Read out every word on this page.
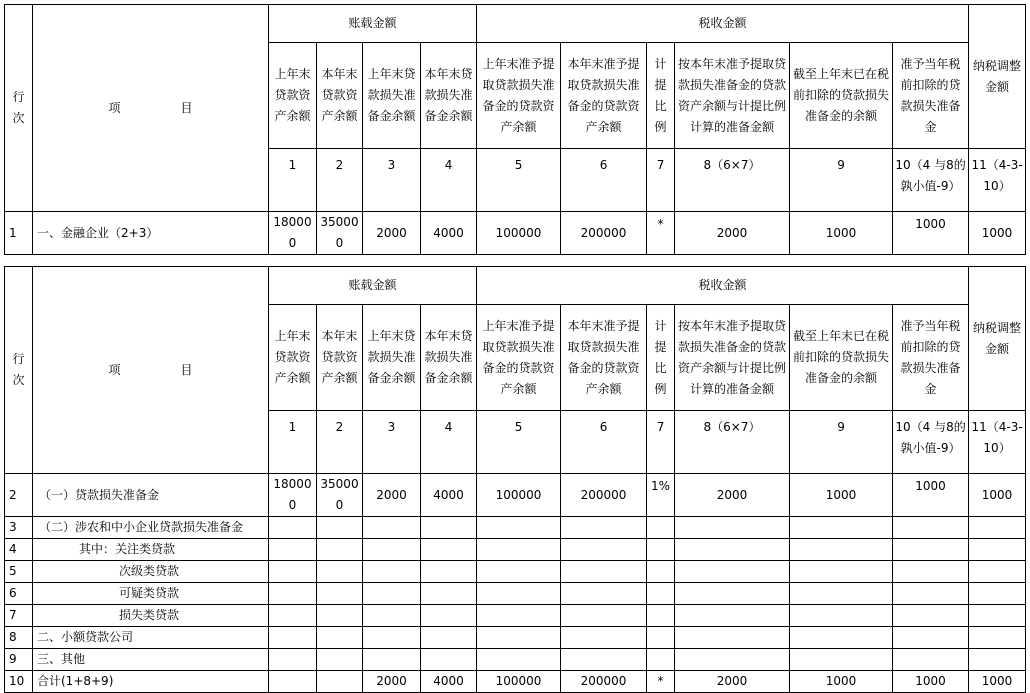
行次	项　　　　　目	账载金额				税收金额						纳税调整金额
		上年末贷款资产余额	本年末贷款资产余额	上年末贷款损失准备金余额	本年末贷款损失准备金余额	上年末准予提取贷款损失准备金的贷款资产余额	本年末准予提取贷款损失准备金的贷款资产余额	计提比例	按本年末准予提取贷款损失准备金的贷款资产余额与计提比例计算的准备金额	截至上年末已在税前扣除的贷款损失准备金的余额	准予当年税前扣除的贷款损失准备金	
		1	2	3	4	5	6	7	8（6×7）	9	10（4 与8的孰小值-9）	11（4-3-10）
1	一、金融企业（2+3）	180000	350000	2000	4000	100000	200000	*	2000	1000	1000	1000
行次	项　　　　　目	账载金额				税收金额						纳税调整金额
		上年末贷款资产余额	本年末贷款资产余额	上年末贷款损失准备金余额	本年末贷款损失准备金余额	上年末准予提取贷款损失准备金的贷款资产余额	本年末准予提取贷款损失准备金的贷款资产余额	计提比例	按本年末准予提取贷款损失准备金的贷款资产余额与计提比例计算的准备金额	截至上年末已在税前扣除的贷款损失准备金的余额	准予当年税前扣除的贷款损失准备金	
		1	2	3	4	5	6	7	8（6×7）	9	10（4 与8的孰小值-9）	11（4-3-10）
2	（一）贷款损失准备金	180000	350000	2000	4000	100000	200000	1%	2000	1000	1000	1000
3	（二）涉农和中小企业贷款损失准备金											
4	其中：关注类贷款											
5	次级类贷款											
6	可疑类贷款											
7	损失类贷款											
8	二、小额贷款公司											
9	三、其他											
10	合计(1+8+9)			2000	4000	100000	200000	*	2000	1000	1000	1000
